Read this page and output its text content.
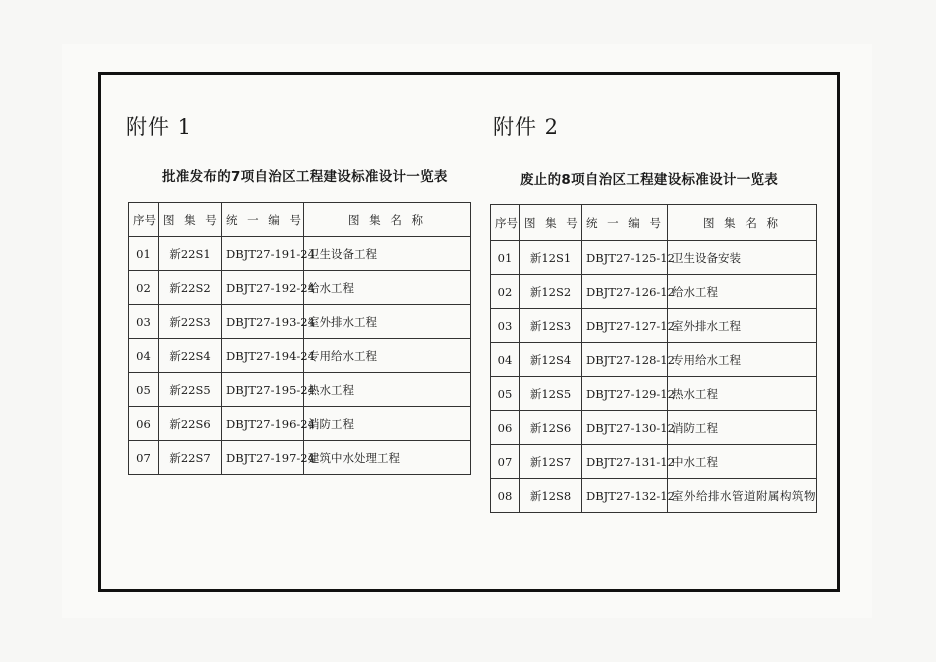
附件 1
批准发布的7项自治区工程建设标准设计一览表
序号	图 集 号	统 一 编 号	图 集 名 称
01	新22S1	DBJT27-191-24	卫生设备工程
02	新22S2	DBJT27-192-24	给水工程
03	新22S3	DBJT27-193-24	室外排水工程
04	新22S4	DBJT27-194-24	专用给水工程
05	新22S5	DBJT27-195-24	热水工程
06	新22S6	DBJT27-196-24	消防工程
07	新22S7	DBJT27-197-24	建筑中水处理工程
附件 2
废止的8项自治区工程建设标准设计一览表
序号	图 集 号	统 一 编 号	图 集 名 称
01	新12S1	DBJT27-125-12	卫生设备安装
02	新12S2	DBJT27-126-12	给水工程
03	新12S3	DBJT27-127-12	室外排水工程
04	新12S4	DBJT27-128-12	专用给水工程
05	新12S5	DBJT27-129-12	热水工程
06	新12S6	DBJT27-130-12	消防工程
07	新12S7	DBJT27-131-12	中水工程
08	新12S8	DBJT27-132-12	室外给排水管道附属构筑物
